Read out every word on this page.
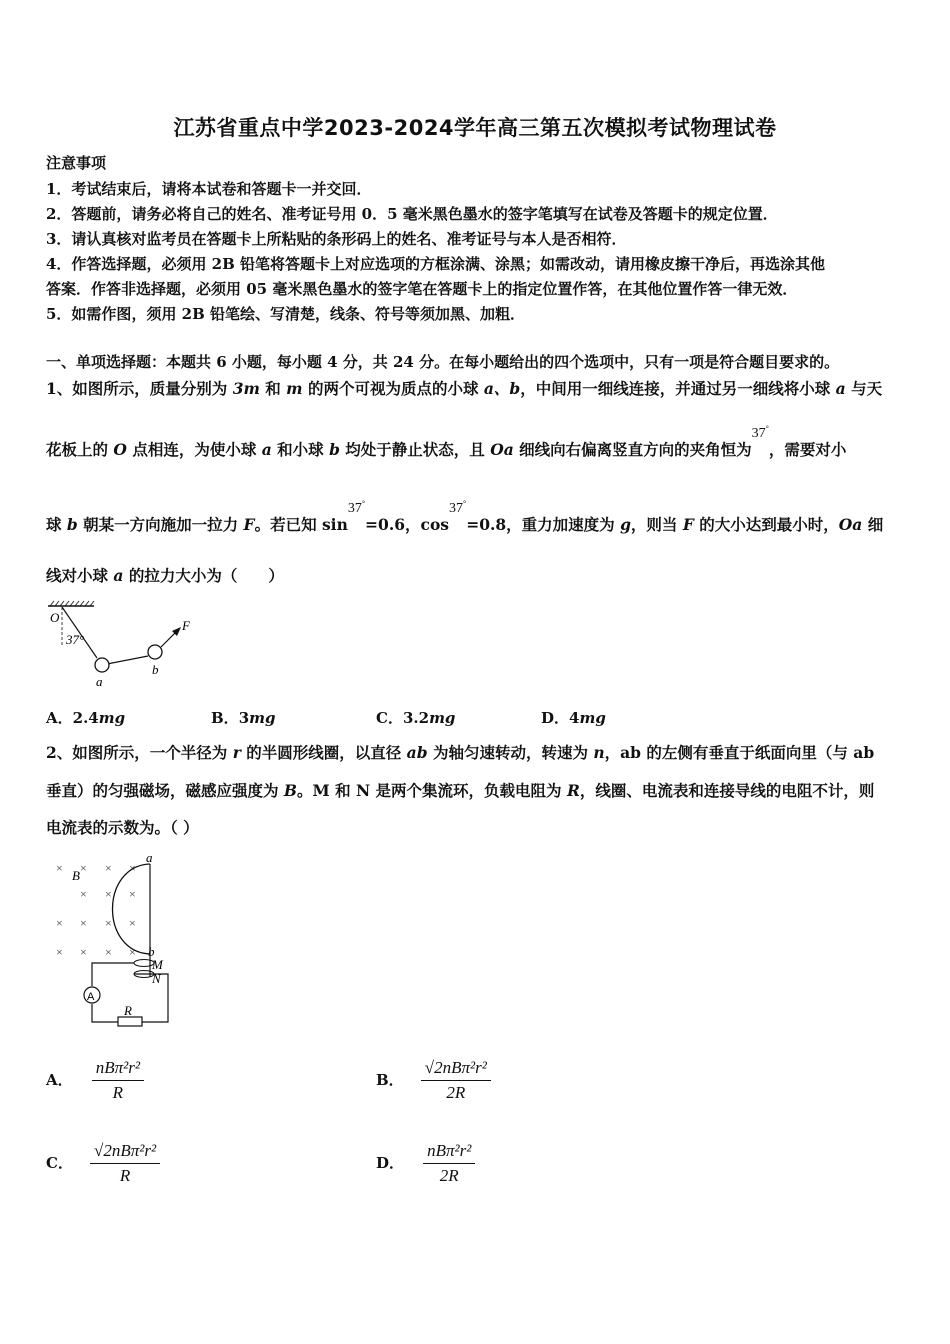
江苏省重点中学2023-2024学年高三第五次模拟考试物理试卷
注意事项
1．考试结束后，请将本试卷和答题卡一并交回．
2．答题前，请务必将自己的姓名、准考证号用 0．5 毫米黑色墨水的签字笔填写在试卷及答题卡的规定位置．
3．请认真核对监考员在答题卡上所粘贴的条形码上的姓名、准考证号与本人是否相符．
4．作答选择题，必须用 2B 铅笔将答题卡上对应选项的方框涂满、涂黑；如需改动，请用橡皮擦干净后，再选涂其他
答案．作答非选择题，必须用 05 毫米黑色墨水的签字笔在答题卡上的指定位置作答，在其他位置作答一律无效．
5．如需作图，须用 2B 铅笔绘、写清楚，线条、符号等须加黑、加粗．
一、单项选择题：本题共 6 小题，每小题 4 分，共 24 分。在每小题给出的四个选项中，只有一项是符合题目要求的。
1、如图所示，质量分别为 3m 和 m 的两个可视为质点的小球 a、b，中间用一细线连接，并通过另一细线将小球 a 与天
花板上的 O 点相连，为使小球 a 和小球 b 均处于静止状态，且 Oa 细线向右偏离竖直方向的夹角恒为37°，需要对小
球 b 朝某一方向施加一拉力 F。若已知 sin37°=0.6，cos37°=0.8，重力加速度为 g，则当 F 的大小达到最小时，Oa 细
线对小球 a 的拉力大小为（　　）
O
37°
a
b
F
A．2.4mg	B．3mg	C．3.2mg	D．4mg
2、如图所示，一个半径为 r 的半圆形线圈，以直径 ab 为轴匀速转动，转速为 n，ab 的左侧有垂直于纸面向里（与 ab
垂直）的匀强磁场，磁感应强度为 B。M 和 N 是两个集流环，负载电阻为 R，线圈、电流表和连接导线的电阻不计，则
电流表的示数为。（ ）
× × × ×
× × ×
× × × ×
× × × ×
B
a
b
M
N
A
R
A． $\frac{\text{nBπ²r²}}{R}$	B． $\frac{\text{√2nBπ²r²}}{2R}$
C． $\frac{\text{√2nBπ²r²}}{R}$	D． $\frac{\text{nBπ²r²}}{2R}$
